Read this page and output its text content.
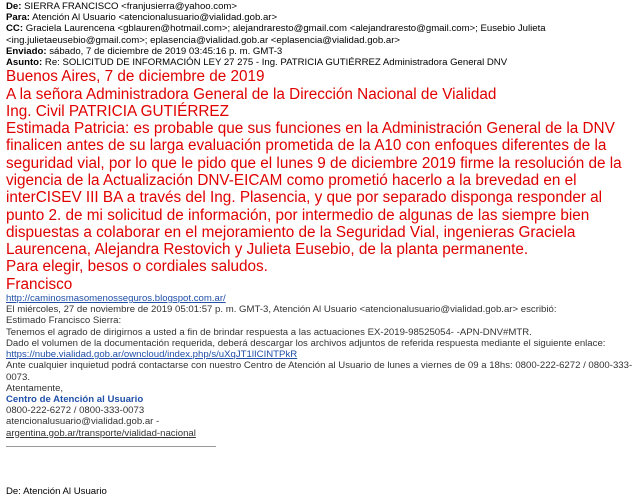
De: SIERRA FRANCISCO <franjusierra@yahoo.com>
Para: Atención Al Usuario <atencionalusuario@vialidad.gob.ar>
CC: Graciela Laurencena <gblauren@hotmail.com>; alejandraresto@gmail.com <alejandraresto@gmail.com>; Eusebio Julieta <ing.julietaeusebio@gmail.com>; eplasencia@vialidad.gob.ar <eplasencia@vialidad.gob.ar>
Enviado: sábado, 7 de diciembre de 2019 03:45:16 p. m. GMT-3
Asunto: Re: SOLICITUD DE INFORMACIÓN LEY 27 275 - Ing. PATRICIA GUTIÉRREZ Administradora General DNV
Buenos Aires, 7 de diciembre de 2019
A la señora Administradora General de la Dirección Nacional de Vialidad
Ing. Civil PATRICIA GUTIÉRREZ
Estimada Patricia: es probable que sus funciones en la Administración General de la DNV finalicen antes de su larga evaluación prometida de la A10 con enfoques diferentes de la seguridad vial, por lo que le pido que el lunes 9 de diciembre 2019 firme la resolución de la vigencia de la Actualización DNV-EICAM como prometió hacerlo a la brevedad en el interCISEV III BA a través del Ing. Plasencia, y que por separado disponga responder al punto 2. de mi solicitud de información, por intermedio de algunas de las siempre bien dispuestas a colaborar en el mejoramiento de la Seguridad Vial, ingenieras Graciela Laurencena, Alejandra Restovich y Julieta Eusebio, de la planta permanente.
Para elegir, besos o cordiales saludos.
Francisco
http://caminosmasomenosseguros.blogspot.com.ar/
El miércoles, 27 de noviembre de 2019 05:01:57 p. m. GMT-3, Atención Al Usuario <atencionalusuario@vialidad.gob.ar> escribió:
Estimado Francisco Sierra:
Tenemos el agrado de dirigirnos a usted a fin de brindar respuesta a las actuaciones EX-2019-98525054- -APN-DNV#MTR.
Dado el volumen de la documentación requerida, deberá descargar los archivos adjuntos de referida respuesta mediante el siguiente enlace:
https://nube.vialidad.gob.ar/owncloud/index.php/s/uXqJT1lICINTPkR
Ante cualquier inquietud podrá contactarse con nuestro Centro de Atención al Usuario de lunes a viernes de 09 a 18hs: 0800-222-6272 / 0800-333-0073.
Atentamente,
Centro de Atención al Usuario
0800-222-6272 / 0800-333-0073
atencionalusuario@vialidad.gob.ar -
argentina.gob.ar/transporte/vialidad-nacional
De: Atención Al Usuario
